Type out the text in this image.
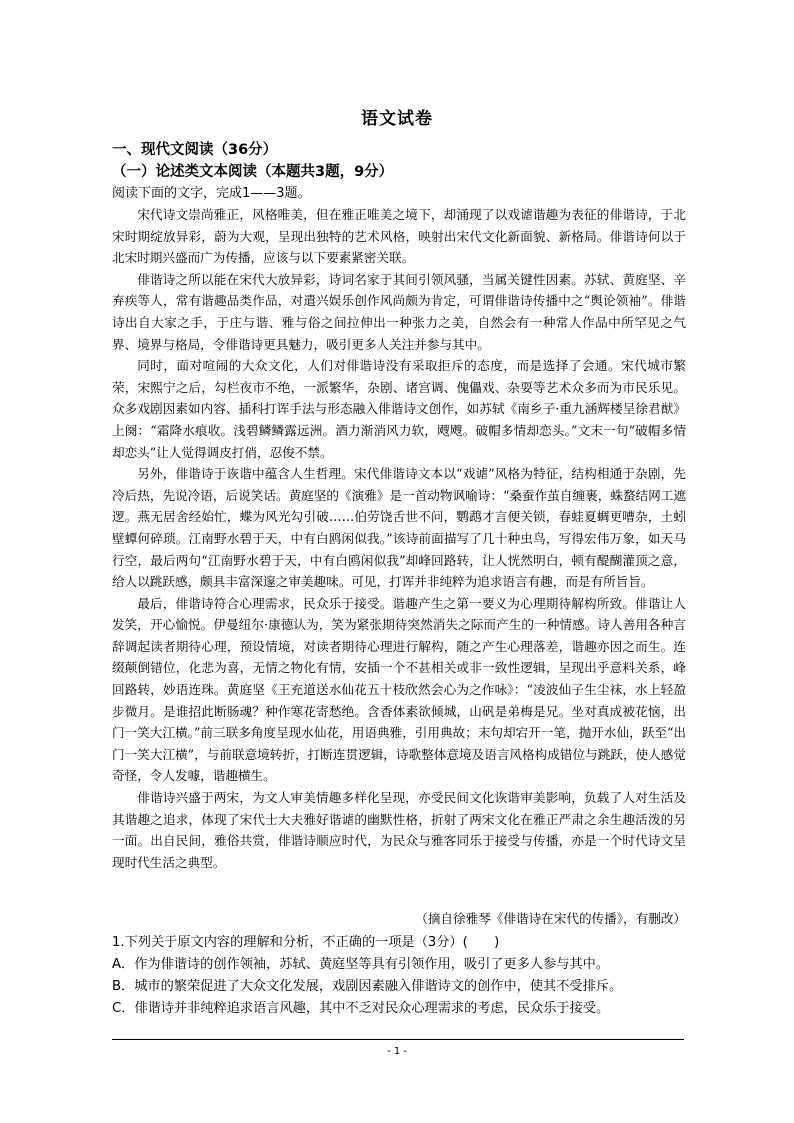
语文试卷
一、现代文阅读（36分）
（一）论述类文本阅读（本题共3题，9分）
阅读下面的文字，完成1——3题。

宋代诗文崇尚雅正，风格唯美，但在雅正唯美之境下，却涌现了以戏谑谐趣为表征的俳谐诗，于北宋时期绽放异彩，蔚为大观，呈现出独特的艺术风格，映射出宋代文化新面貌、新格局。俳谐诗何以于北宋时期兴盛而广为传播，应该与以下要素紧密关联。

俳谐诗之所以能在宋代大放异彩，诗词名家于其间引领风骚，当属关键性因素。苏轼、黄庭坚、辛弃疾等人，常有谐趣品类作品，对遣兴娱乐创作风尚颇为肯定，可谓俳谐诗传播中之“舆论领袖”。俳谐诗出自大家之手，于庄与谐、雅与俗之间拉伸出一种张力之美，自然会有一种常人作品中所罕见之气界、境界与格局，令俳谐诗更具魅力，吸引更多人关注并参与其中。

同时，面对喧闹的大众文化，人们对俳谐诗没有采取拒斥的态度，而是选择了会通。宋代城市繁荣，宋熙宁之后，勾栏夜市不绝，一派繁华，杂剧、诸宫调、傀儡戏、杂耍等艺术众多而为市民乐见。众多戏剧因素如内容、插科打诨手法与形态融入俳谐诗文创作，如苏轼《南乡子·重九涵辉楼呈徐君猷》上阕：“霜降水痕收。浅碧鳞鳞露远洲。酒力渐消风力软，飕飕。破帽多情却恋头。”文末一句“破帽多情却恋头”让人觉得调皮打俏，忍俊不禁。

另外，俳谐诗于诙谐中蕴含人生哲理。宋代俳谐诗文本以“戏谑”风格为特征，结构相通于杂剧，先冷后热，先说冷语，后说笑话。黄庭坚的《演雅》是一首动物讽喻诗：“桑蚕作茧自缠裹，蛛蝥结网工遮逻。燕无居舍经始忙，蝶为风光勾引破……伯劳饶舌世不问，鹦鹉才言便关锁，春蛙夏蜩更嘈杂，土蚓壁蟫何碎琐。江南野水碧于天，中有白鸥闲似我。”该诗前面描写了几十种虫鸟，写得宏伟万象，如天马行空，最后两句“江南野水碧于天，中有白鸥闲似我”却峰回路转，让人恍然明白，顿有醍醐灌顶之意，给人以跳跃感，颇具丰富深邃之审美趣味。可见，打诨并非纯粹为追求语言有趣，而是有所旨旨。

最后，俳谐诗符合心理需求，民众乐于接受。谐趣产生之第一要义为心理期待解构所致。俳谐让人发笑，开心愉悦。伊曼纽尔·康德认为，笑为紧张期待突然消失之际而产生的一种情感。诗人善用各种言辞调起读者期待心理，预设情境，对读者期待心理进行解构，随之产生心理落差，谐趣亦因之而生。连缀颠倒错位，化悲为喜，无情之物化有情，安插一个不甚相关或非一致性逻辑，呈现出乎意料关系，峰回路转，妙语连珠。黄庭坚《王充道送水仙花五十枝欣然会心为之作咏》：“凌波仙子生尘袜，水上轻盈步微月。是谁招此断肠魂？种作寒花寄愁绝。含香体素欲倾城，山矾是弟梅是兄。坐对真成被花恼，出门一笑大江横。”前三联多角度呈现水仙花，用语典雅，引用典故；末句却宕开一笔，抛开水仙，跃至“出门一笑大江横”，与前联意境转折，打断连贯逻辑，诗歌整体意境及语言风格构成错位与跳跃，使人感觉奇怪，令人发噱，谐趣横生。

俳谐诗兴盛于两宋，为文人审美情趣多样化呈现，亦受民间文化诙谐审美影响，负载了人对生活及其谐趣之追求，体现了宋代士大夫雅好谐谑的幽默性格，折射了两宋文化在雅正严肃之余生趣活泼的另一面。出自民间，雅俗共赏，俳谐诗顺应时代，为民众与雅客同乐于接受与传播，亦是一个时代诗文呈现时代生活之典型。

（摘自徐雅琴《俳谐诗在宋代的传播》，有删改）
1.下列关于原文内容的理解和分析，不正确的一项是（3分）(　　)
A．作为俳谐诗的创作领袖，苏轼、黄庭坚等具有引领作用，吸引了更多人参与其中。
B．城市的繁荣促进了大众文化发展，戏剧因素融入俳谐诗文的创作中，使其不受排斥。
C．俳谐诗并非纯粹追求语言风趣，其中不乏对民众心理需求的考虑，民众乐于接受。
- 1 -
